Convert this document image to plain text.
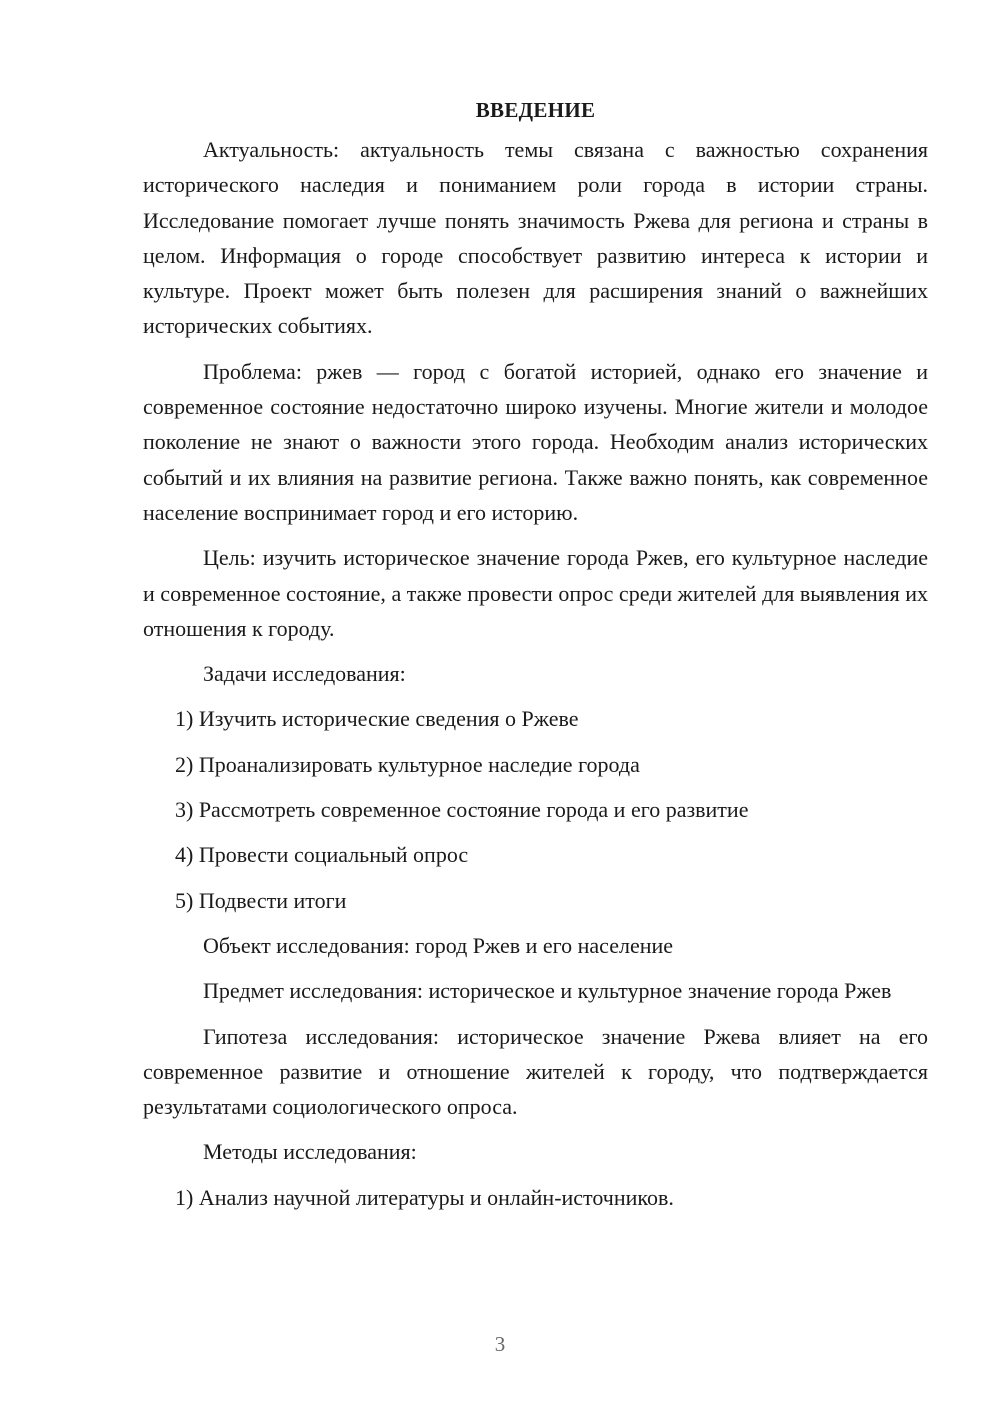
ВВЕДЕНИЕ

Актуальность: актуальность темы связана с важностью сохранения исторического наследия и пониманием роли города в истории страны. Исследование помогает лучше понять значимость Ржева для региона и страны в целом. Информация о городе способствует развитию интереса к истории и культуре. Проект может быть полезен для расширения знаний о важнейших исторических событиях.

Проблема: ржев — город с богатой историей, однако его значение и современное состояние недостаточно широко изучены. Многие жители и молодое поколение не знают о важности этого города. Необходим анализ исторических событий и их влияния на развитие региона. Также важно понять, как современное население воспринимает город и его историю.

Цель: изучить историческое значение города Ржев, его культурное наследие и современное состояние, а также провести опрос среди жителей для выявления их отношения к городу.

Задачи исследования:

1) Изучить исторические сведения о Ржеве

2) Проанализировать культурное наследие города

3) Рассмотреть современное состояние города и его развитие

4) Провести социальный опрос

5) Подвести итоги

Объект исследования: город Ржев и его население

Предмет исследования: историческое и культурное значение города Ржев

Гипотеза исследования: историческое значение Ржева влияет на его современное развитие и отношение жителей к городу, что подтверждается результатами социологического опроса.

Методы исследования:

1) Анализ научной литературы и онлайн-источников.

3
